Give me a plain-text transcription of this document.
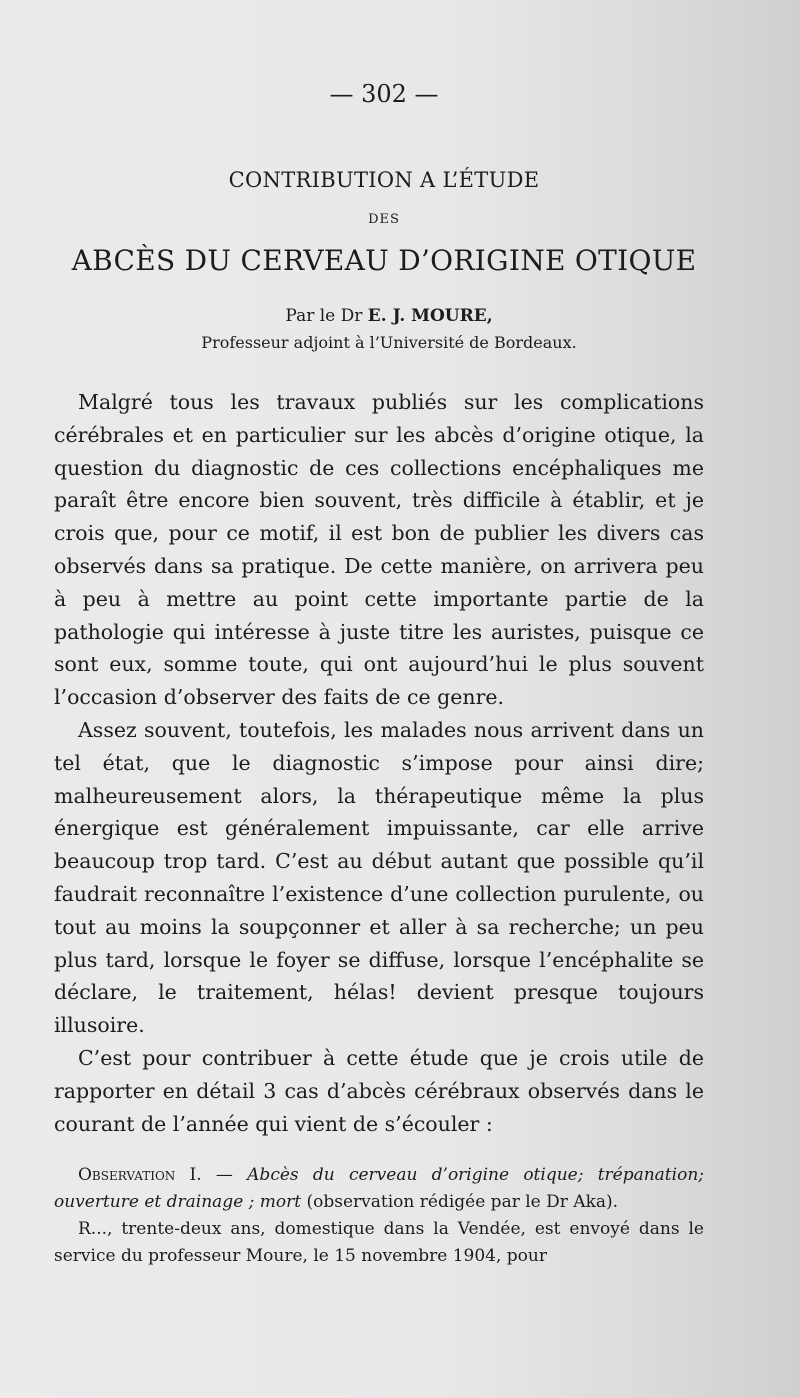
— 302 —
CONTRIBUTION A L’ÉTUDE
DES
ABCÈS DU CERVEAU D’ORIGINE OTIQUE
Par le Dr E. J. MOURE,
Professeur adjoint à l’Université de Bordeaux.

Malgré tous les travaux publiés sur les complications cérébrales et en particulier sur les abcès d’origine otique, la question du diagnostic de ces collections encéphaliques me paraît être encore bien souvent, très difficile à établir, et je crois que, pour ce motif, il est bon de publier les divers cas observés dans sa pratique. De cette manière, on arrivera peu à peu à mettre au point cette importante partie de la pathologie qui intéresse à juste titre les auristes, puisque ce sont eux, somme toute, qui ont aujourd’hui le plus souvent l’occasion d’observer des faits de ce genre.

Assez souvent, toutefois, les malades nous arrivent dans un tel état, que le diagnostic s’impose pour ainsi dire; malheureusement alors, la thérapeutique même la plus énergique est généralement impuissante, car elle arrive beaucoup trop tard. C’est au début autant que possible qu’il faudrait reconnaître l’existence d’une collection purulente, ou tout au moins la soupçonner et aller à sa recherche; un peu plus tard, lorsque le foyer se diffuse, lorsque l’encéphalite se déclare, le traitement, hélas! devient presque toujours illusoire.

C’est pour contribuer à cette étude que je crois utile de rapporter en détail 3 cas d’abcès cérébraux observés dans le courant de l’année qui vient de s’écouler :

Observation I. — Abcès du cerveau d’origine otique; trépanation; ouverture et drainage ; mort (observation rédigée par le Dr Aka).

R..., trente-deux ans, domestique dans la Vendée, est envoyé dans le service du professeur Moure, le 15 novembre 1904, pour
